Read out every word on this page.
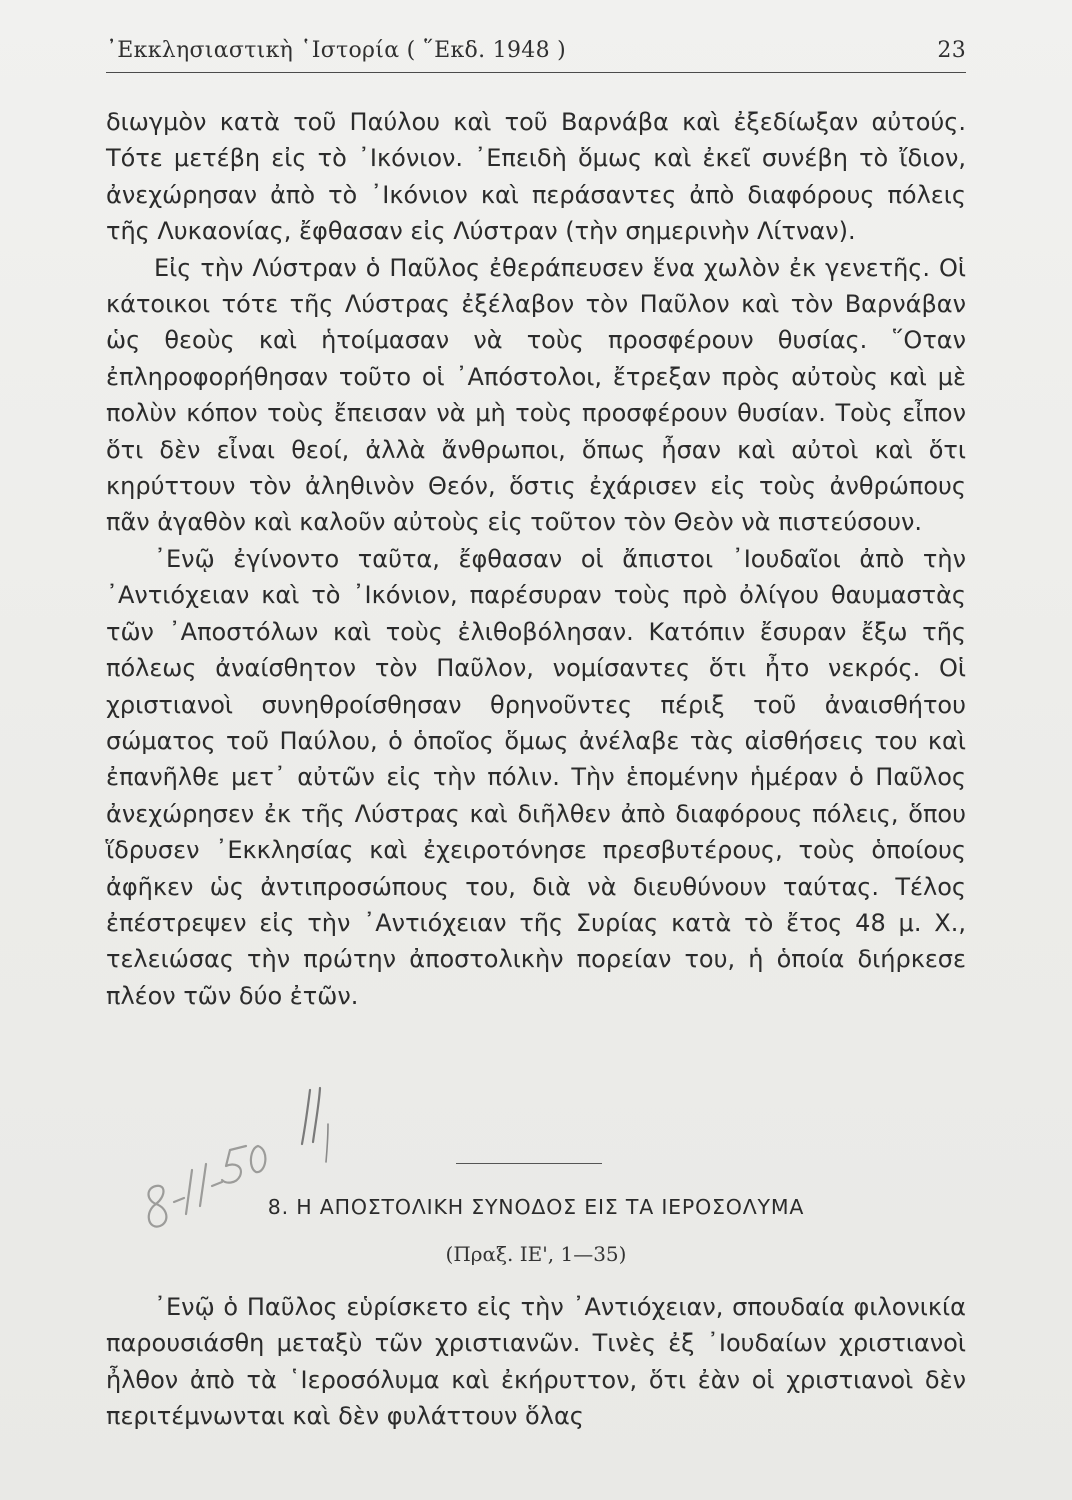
᾽Εκκλησιαστικὴ ῾Ιστορία ( ῞Εκδ. 1948 )	23

διωγμὸν κατὰ τοῦ Παύλου καὶ τοῦ Βαρνάβα καὶ ἐξεδίωξαν αὐτούς. Τότε μετέβη εἰς τὸ ᾽Ικόνιον. ᾽Επειδὴ ὅμως καὶ ἐκεῖ συνέβη τὸ ἴδιον, ἀνεχώρησαν ἀπὸ τὸ ᾽Ικόνιον καὶ περάσαντες ἀπὸ διαφόρους πόλεις τῆς Λυκαονίας, ἔφθασαν εἰς Λύστραν (τὴν σημερινὴν Λίτναν).

Εἰς τὴν Λύστραν ὁ Παῦλος ἐθεράπευσεν ἕνα χωλὸν ἐκ γενετῆς. Οἱ κάτοικοι τότε τῆς Λύστρας ἐξέλαβον τὸν Παῦλον καὶ τὸν Βαρνάβαν ὡς θεοὺς καὶ ἡτοίμασαν νὰ τοὺς προσφέρουν θυσίας. ῞Οταν ἐπληροφορήθησαν τοῦτο οἱ ᾽Απόστολοι, ἔτρεξαν πρὸς αὐτοὺς καὶ μὲ πολὺν κόπον τοὺς ἔπεισαν νὰ μὴ τοὺς προσφέρουν θυσίαν. Τοὺς εἶπον ὅτι δὲν εἶναι θεοί, ἀλλὰ ἄνθρωποι, ὅπως ἦσαν καὶ αὐτοὶ καὶ ὅτι κηρύττουν τὸν ἀληθινὸν Θεόν, ὅστις ἐχάρισεν εἰς τοὺς ἀνθρώπους πᾶν ἀγαθὸν καὶ καλοῦν αὐτοὺς εἰς τοῦτον τὸν Θεὸν νὰ πιστεύσουν.

᾽Ενῷ ἐγίνοντο ταῦτα, ἔφθασαν οἱ ἄπιστοι ᾽Ιουδαῖοι ἀπὸ τὴν ᾽Αντιόχειαν καὶ τὸ ᾽Ικόνιον, παρέσυραν τοὺς πρὸ ὀλίγου θαυμαστὰς τῶν ᾽Αποστόλων καὶ τοὺς ἐλιθοβόλησαν. Κατόπιν ἔσυραν ἔξω τῆς πόλεως ἀναίσθητον τὸν Παῦλον, νομίσαντες ὅτι ἦτο νεκρός. Οἱ χριστιανοὶ συνηθροίσθησαν θρηνοῦντες πέριξ τοῦ ἀναισθήτου σώματος τοῦ Παύλου, ὁ ὁποῖος ὅμως ἀνέλαβε τὰς αἰσθήσεις του καὶ ἐπανῆλθε μετ᾽ αὐτῶν εἰς τὴν πόλιν. Τὴν ἑπομένην ἡμέραν ὁ Παῦλος ἀνεχώρησεν ἐκ τῆς Λύστρας καὶ διῆλθεν ἀπὸ διαφόρους πόλεις, ὅπου ἵδρυσεν ᾽Εκκλησίας καὶ ἐχειροτόνησε πρεσβυτέρους, τοὺς ὁποίους ἀφῆκεν ὡς ἀντιπροσώπους του, διὰ νὰ διευθύνουν ταύτας. Τέλος ἐπέστρεψεν εἰς τὴν ᾽Αντιόχειαν τῆς Συρίας κατὰ τὸ ἔτος 48 μ. Χ., τελειώσας τὴν πρώτην ἀποστολικὴν πορείαν του, ἡ ὁποία διήρκεσε πλέον τῶν δύο ἐτῶν.

8. Η ΑΠΟΣΤΟΛΙΚΗ ΣΥΝΟΔΟΣ ΕΙΣ ΤΑ ΙΕΡΟΣΟΛΥΜΑ
(Πραξ. ΙΕ', 1—35)

᾽Ενῷ ὁ Παῦλος εὑρίσκετο εἰς τὴν ᾽Αντιόχειαν, σπουδαία φιλονικία παρουσιάσθη μεταξὺ τῶν χριστιανῶν. Τινὲς ἐξ ᾽Ιουδαίων χριστιανοὶ ἦλθον ἀπὸ τὰ ῾Ιεροσόλυμα καὶ ἐκήρυττον, ὅτι ἐὰν οἱ χριστιανοὶ δὲν περιτέμνωνται καὶ δὲν φυλάττουν ὅλας
